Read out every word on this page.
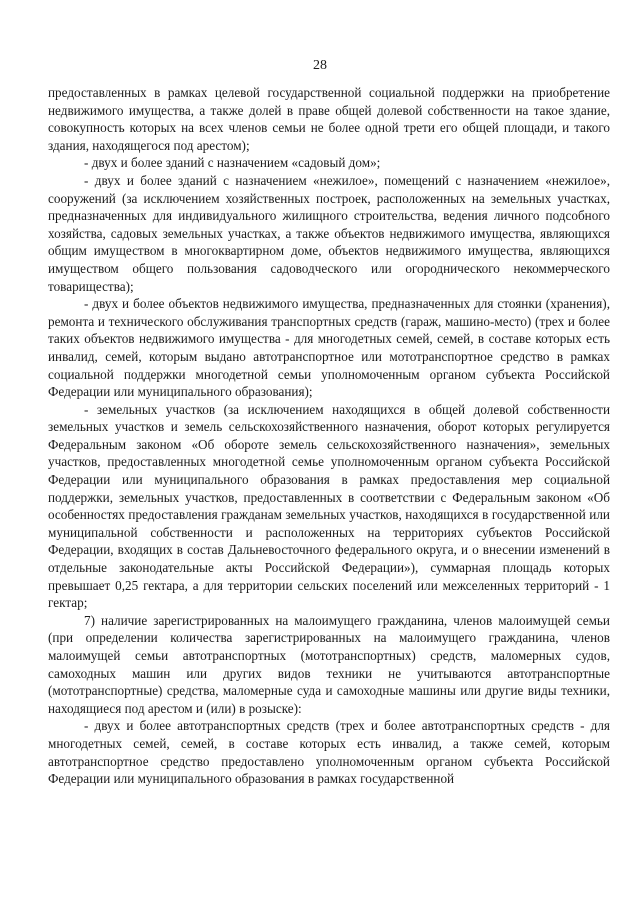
28

предоставленных в рамках целевой государственной социальной поддержки на приобретение недвижимого имущества, а также долей в праве общей долевой собственности на такое здание, совокупность которых на всех членов семьи не более одной трети его общей площади, и такого здания, находящегося под арестом);

- двух и более зданий с назначением «садовый дом»;

- двух и более зданий с назначением «нежилое», помещений с назначением «нежилое», сооружений (за исключением хозяйственных построек, расположенных на земельных участках, предназначенных для индивидуального жилищного строительства, ведения личного подсобного хозяйства, садовых земельных участках, а также объектов недвижимого имущества, являющихся общим имуществом в многоквартирном доме, объектов недвижимого имущества, являющихся имуществом общего пользования садоводческого или огороднического некоммерческого товарищества);

- двух и более объектов недвижимого имущества, предназначенных для стоянки (хранения), ремонта и технического обслуживания транспортных средств (гараж, машино-место) (трех и более таких объектов недвижимого имущества - для многодетных семей, семей, в составе которых есть инвалид, семей, которым выдано автотранспортное или мототранспортное средство в рамках социальной поддержки многодетной семьи уполномоченным органом субъекта Российской Федерации или муниципального образования);

- земельных участков (за исключением находящихся в общей долевой собственности земельных участков и земель сельскохозяйственного назначения, оборот которых регулируется Федеральным законом «Об обороте земель сельскохозяйственного назначения», земельных участков, предоставленных многодетной семье уполномоченным органом субъекта Российской Федерации или муниципального образования в рамках предоставления мер социальной поддержки, земельных участков, предоставленных в соответствии с Федеральным законом «Об особенностях предоставления гражданам земельных участков, находящихся в государственной или муниципальной собственности и расположенных на территориях субъектов Российской Федерации, входящих в состав Дальневосточного федерального округа, и о внесении изменений в отдельные законодательные акты Российской Федерации»), суммарная площадь которых превышает 0,25 гектара, а для территории сельских поселений или межселенных территорий - 1 гектар;

7) наличие зарегистрированных на малоимущего гражданина, членов малоимущей семьи (при определении количества зарегистрированных на малоимущего гражданина, членов малоимущей семьи автотранспортных (мототранспортных) средств, маломерных судов, самоходных машин или других видов техники не учитываются автотранспортные (мототранспортные) средства, маломерные суда и самоходные машины или другие виды техники, находящиеся под арестом и (или) в розыске):

- двух и более автотранспортных средств (трех и более автотранспортных средств - для многодетных семей, семей, в составе которых есть инвалид, а также семей, которым автотранспортное средство предоставлено уполномоченным органом субъекта Российской Федерации или муниципального образования в рамках государственной
